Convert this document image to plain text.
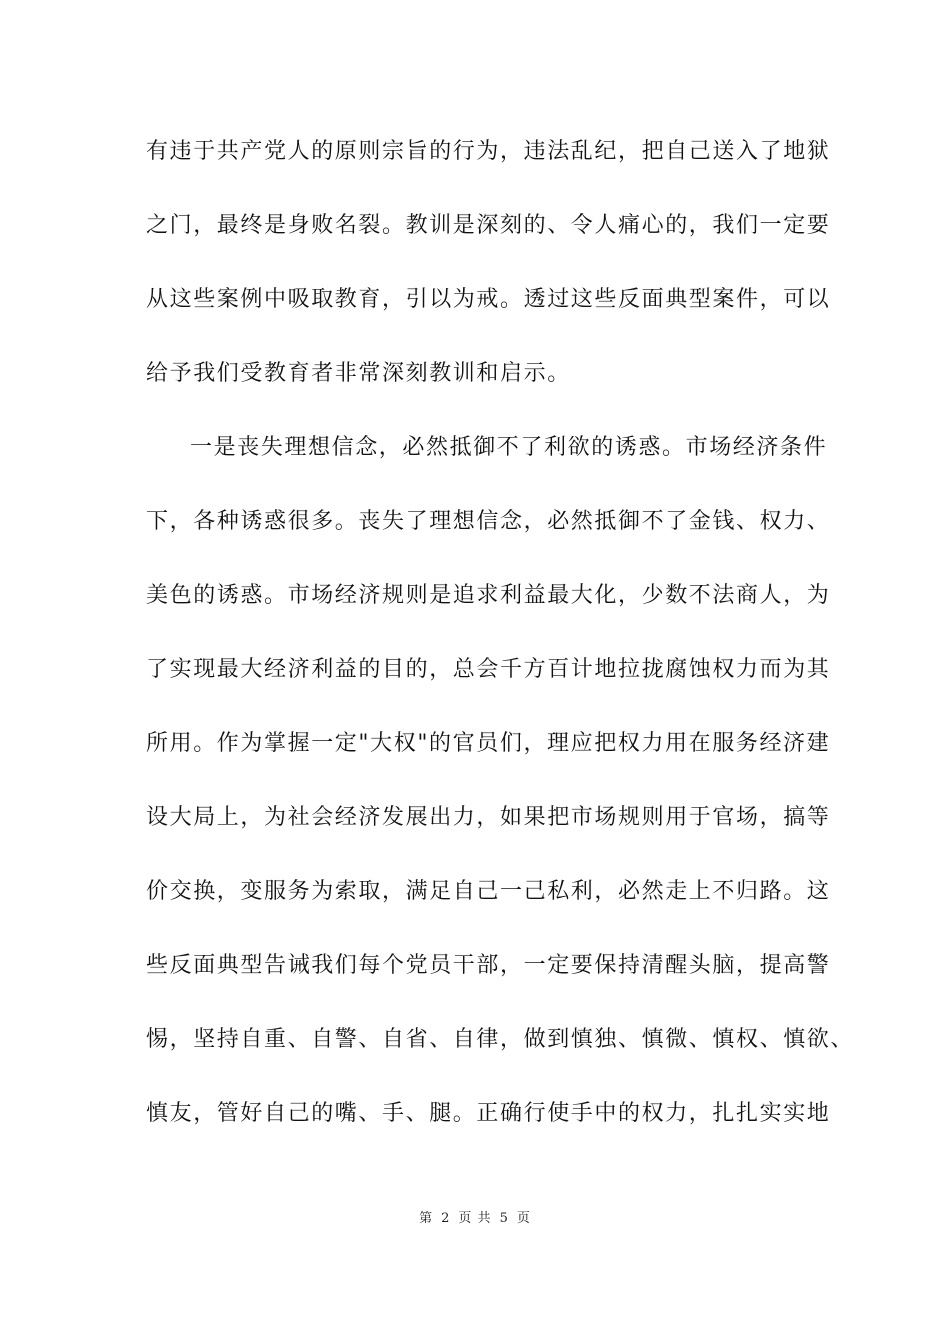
有违于共产党人的原则宗旨的行为，违法乱纪，把自己送入了地狱
之门，最终是身败名裂。教训是深刻的、令人痛心的，我们一定要
从这些案例中吸取教育，引以为戒。透过这些反面典型案件，可以
给予我们受教育者非常深刻教训和启示。
一是丧失理想信念，必然抵御不了利欲的诱惑。市场经济条件
下，各种诱惑很多。丧失了理想信念，必然抵御不了金钱、权力、
美色的诱惑。市场经济规则是追求利益最大化，少数不法商人，为
了实现最大经济利益的目的，总会千方百计地拉拢腐蚀权力而为其
所用。作为掌握一定"大权"的官员们，理应把权力用在服务经济建
设大局上，为社会经济发展出力，如果把市场规则用于官场，搞等
价交换，变服务为索取，满足自己一己私利，必然走上不归路。这
些反面典型告诫我们每个党员干部，一定要保持清醒头脑，提高警
惕，坚持自重、自警、自省、自律，做到慎独、慎微、慎权、慎欲、
慎友，管好自己的嘴、手、腿。正确行使手中的权力，扎扎实实地
第 2 页 共 5 页
